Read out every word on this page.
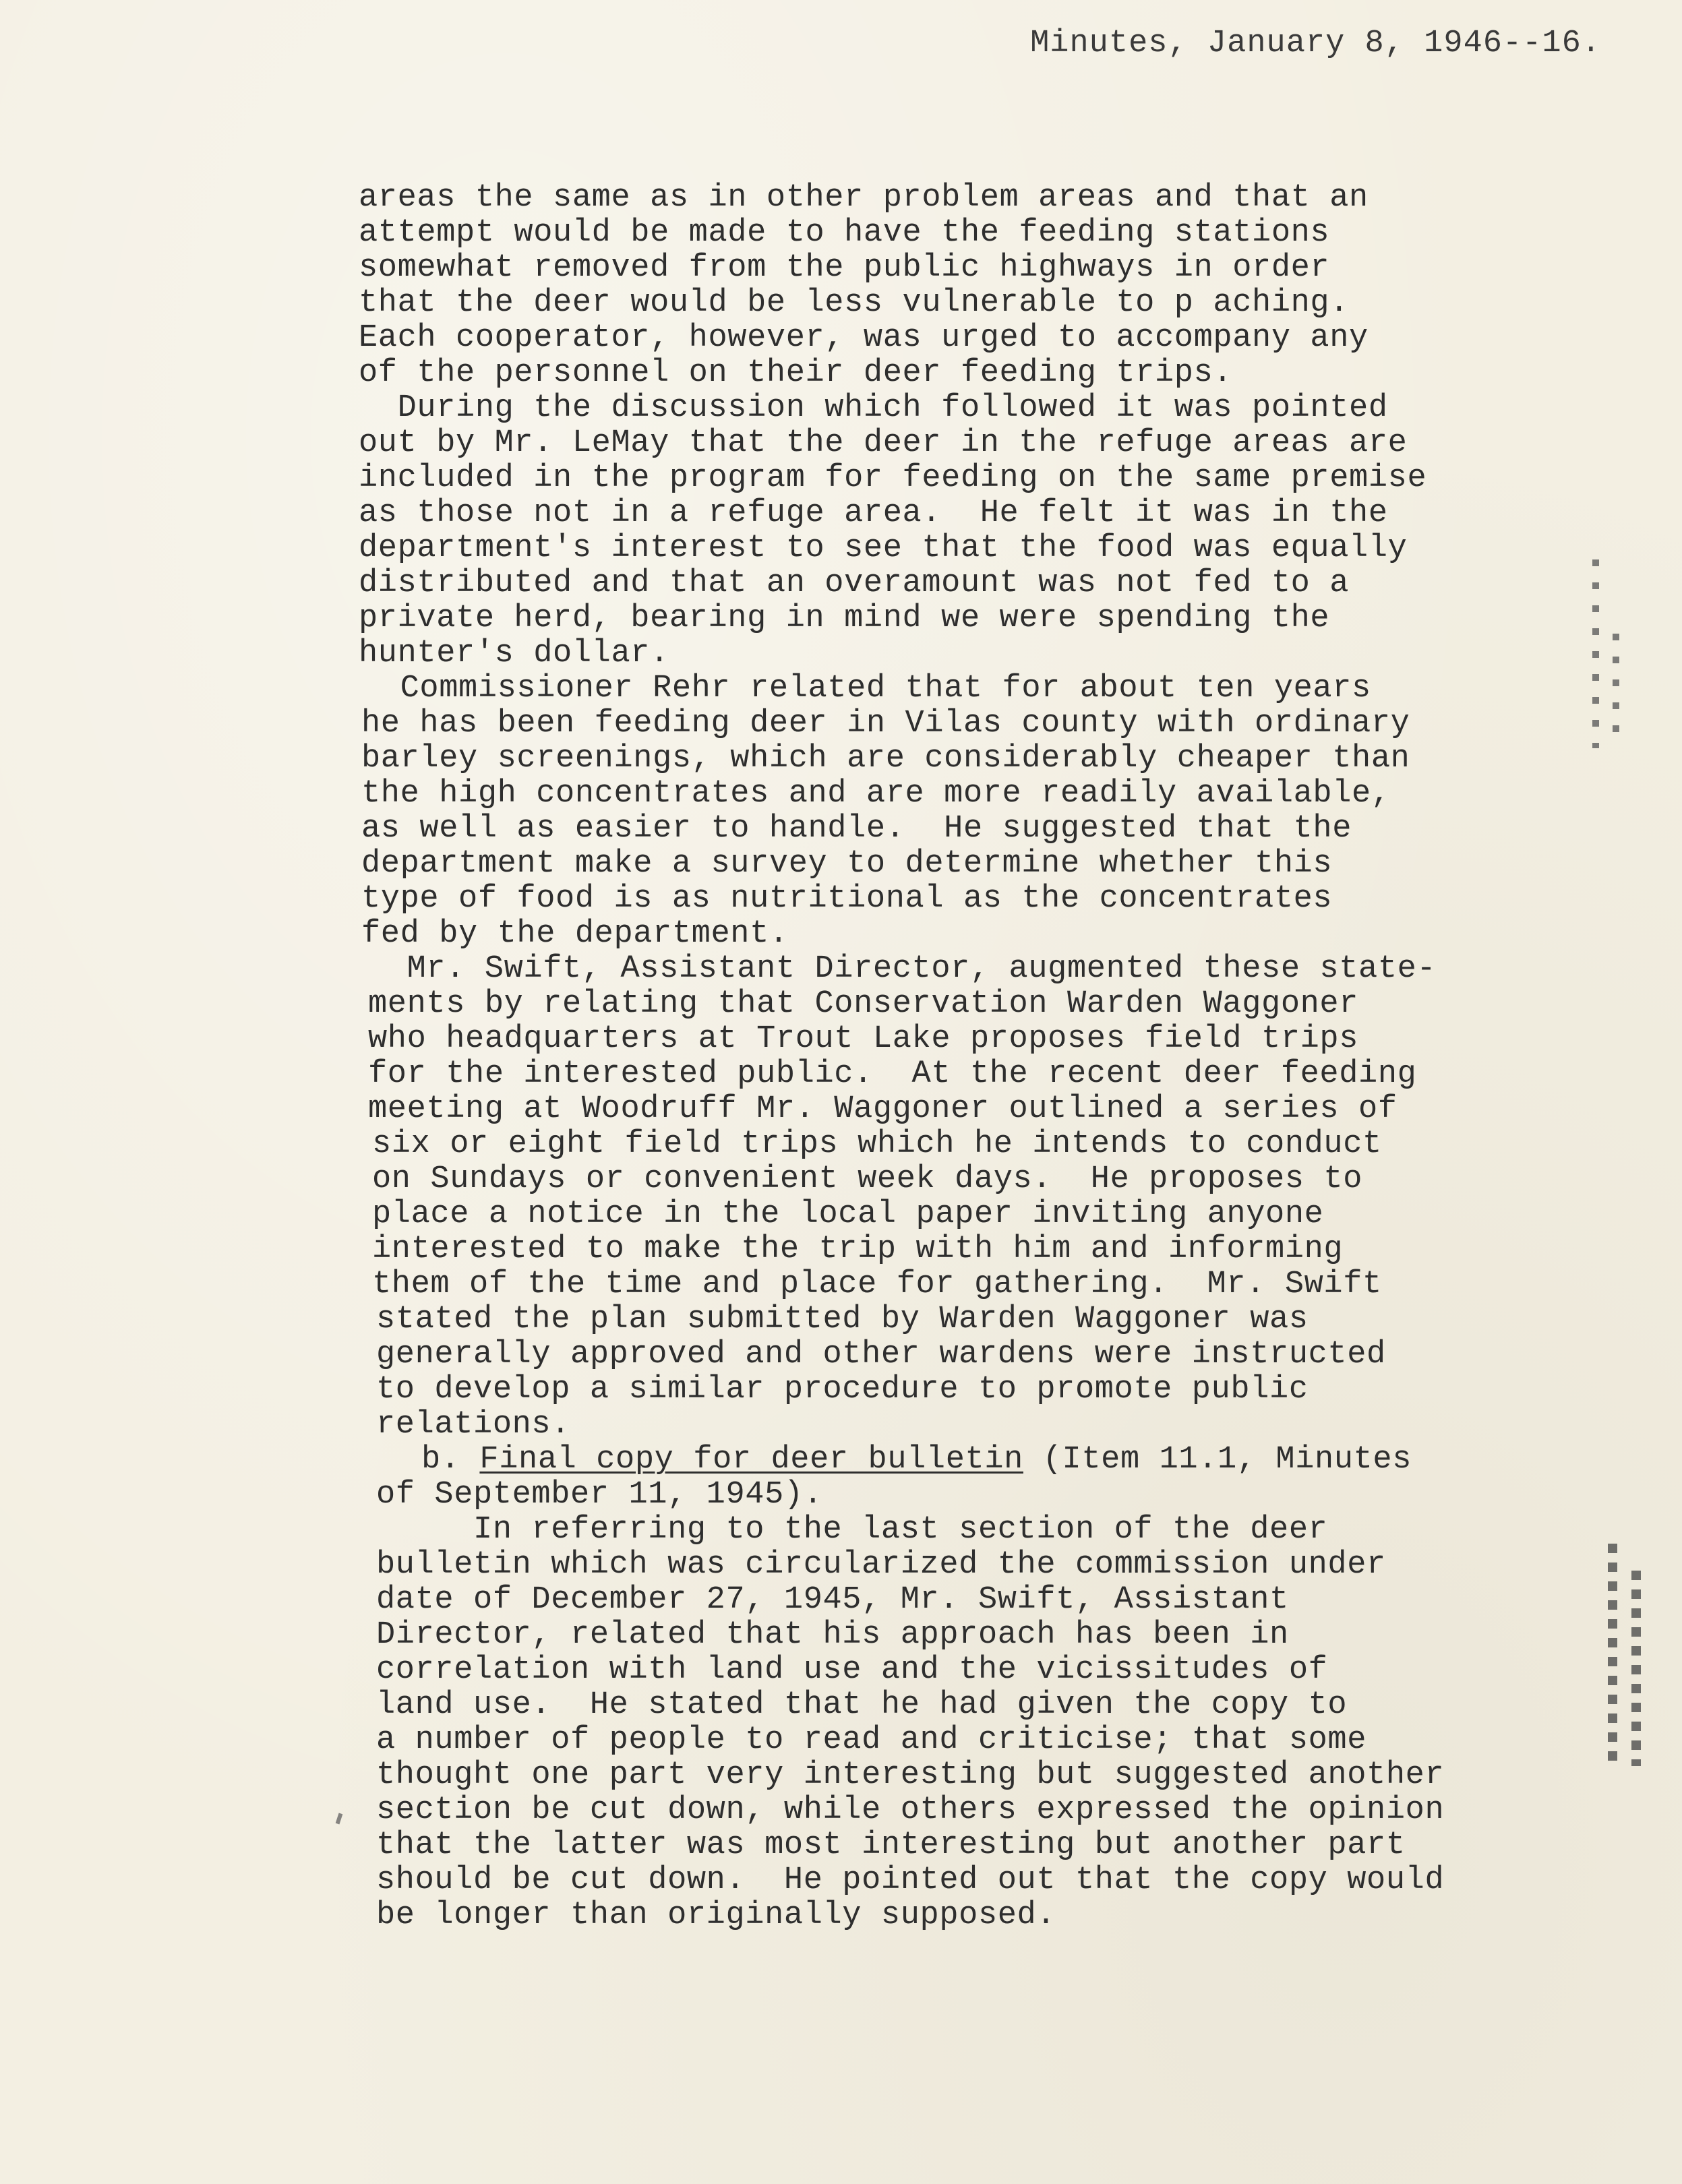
Minutes, January 8, 1946--16.
areas the same as in other problem areas and that an
attempt would be made to have the feeding stations
somewhat removed from the public highways in order
that the deer would be less vulnerable to p aching.
Each cooperator, however, was urged to accompany any
of the personnel on their deer feeding trips.
During the discussion which followed it was pointed
out by Mr. LeMay that the deer in the refuge areas are
included in the program for feeding on the same premise
as those not in a refuge area.  He felt it was in the
department's interest to see that the food was equally
distributed and that an overamount was not fed to a
private herd, bearing in mind we were spending the
hunter's dollar.
Commissioner Rehr related that for about ten years
he has been feeding deer in Vilas county with ordinary
barley screenings, which are considerably cheaper than
the high concentrates and are more readily available,
as well as easier to handle.  He suggested that the
department make a survey to determine whether this
type of food is as nutritional as the concentrates
fed by the department.
Mr. Swift, Assistant Director, augmented these state-
ments by relating that Conservation Warden Waggoner
who headquarters at Trout Lake proposes field trips
for the interested public.  At the recent deer feeding
meeting at Woodruff Mr. Waggoner outlined a series of
six or eight field trips which he intends to conduct
on Sundays or convenient week days.  He proposes to
place a notice in the local paper inviting anyone
interested to make the trip with him and informing
them of the time and place for gathering.  Mr. Swift
stated the plan submitted by Warden Waggoner was
generally approved and other wardens were instructed
to develop a similar procedure to promote public
relations.
b. Final copy for deer bulletin (Item 11.1, Minutes
of September 11, 1945).
In referring to the last section of the deer
bulletin which was circularized the commission under
date of December 27, 1945, Mr. Swift, Assistant
Director, related that his approach has been in
correlation with land use and the vicissitudes of
land use.  He stated that he had given the copy to
a number of people to read and criticise; that some
thought one part very interesting but suggested another
section be cut down, while others expressed the opinion
that the latter was most interesting but another part
should be cut down.  He pointed out that the copy would
be longer than originally supposed.
